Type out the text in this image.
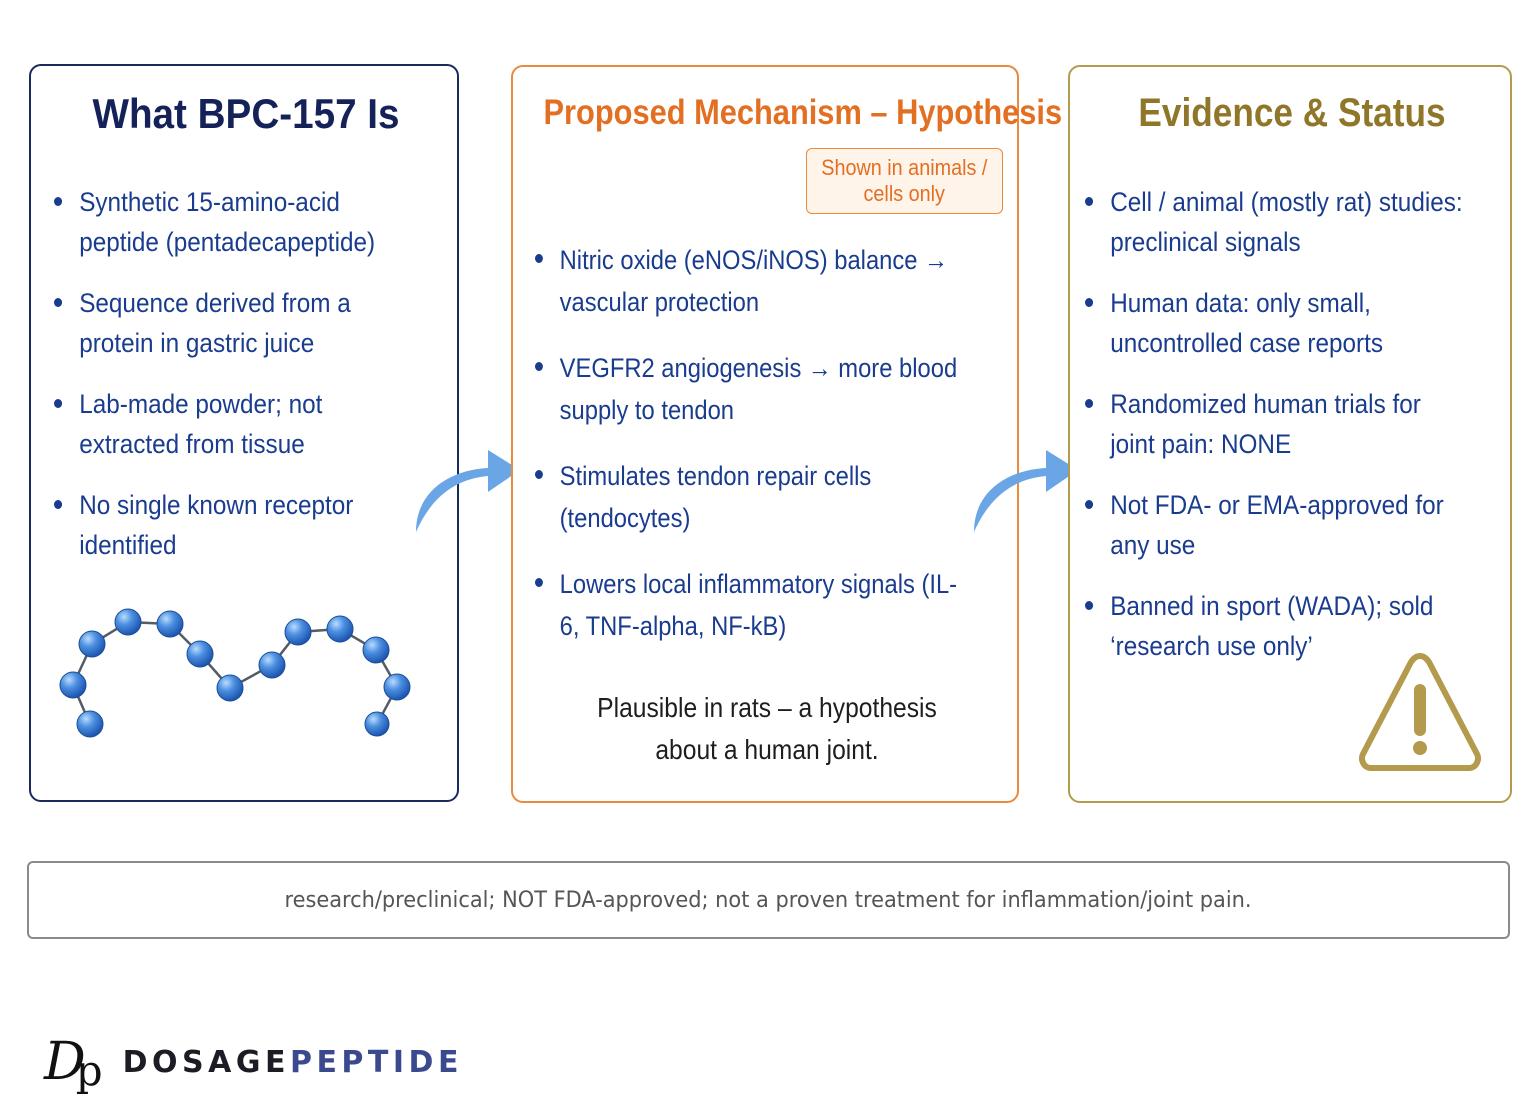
What BPC-157 Is
Synthetic 15-amino-acid peptide (pentadecapeptide)
Sequence derived from a protein in gastric juice
Lab-made powder; not extracted from tissue
No single known receptor identified
Proposed Mechanism – Hypothesis
Shown in animals /
cells only
Nitric oxide (eNOS/iNOS) balance → vascular protection
VEGFR2 angiogenesis → more blood supply to tendon
Stimulates tendon repair cells (tendocytes)
Lowers local inflammatory signals (IL-6, TNF-alpha, NF-kB)
Plausible in rats – a hypothesis
about a human joint.
Evidence & Status
Cell / animal (mostly rat) studies: preclinical signals
Human data: only small, uncontrolled case reports
Randomized human trials for joint pain: NONE
Not FDA- or EMA-approved for any use
Banned in sport (WADA); sold ‘research use only’
research/preclinical; NOT FDA-approved; not a proven treatment for inflammation/joint pain.
Dp DOSAGEPEPTIDE
